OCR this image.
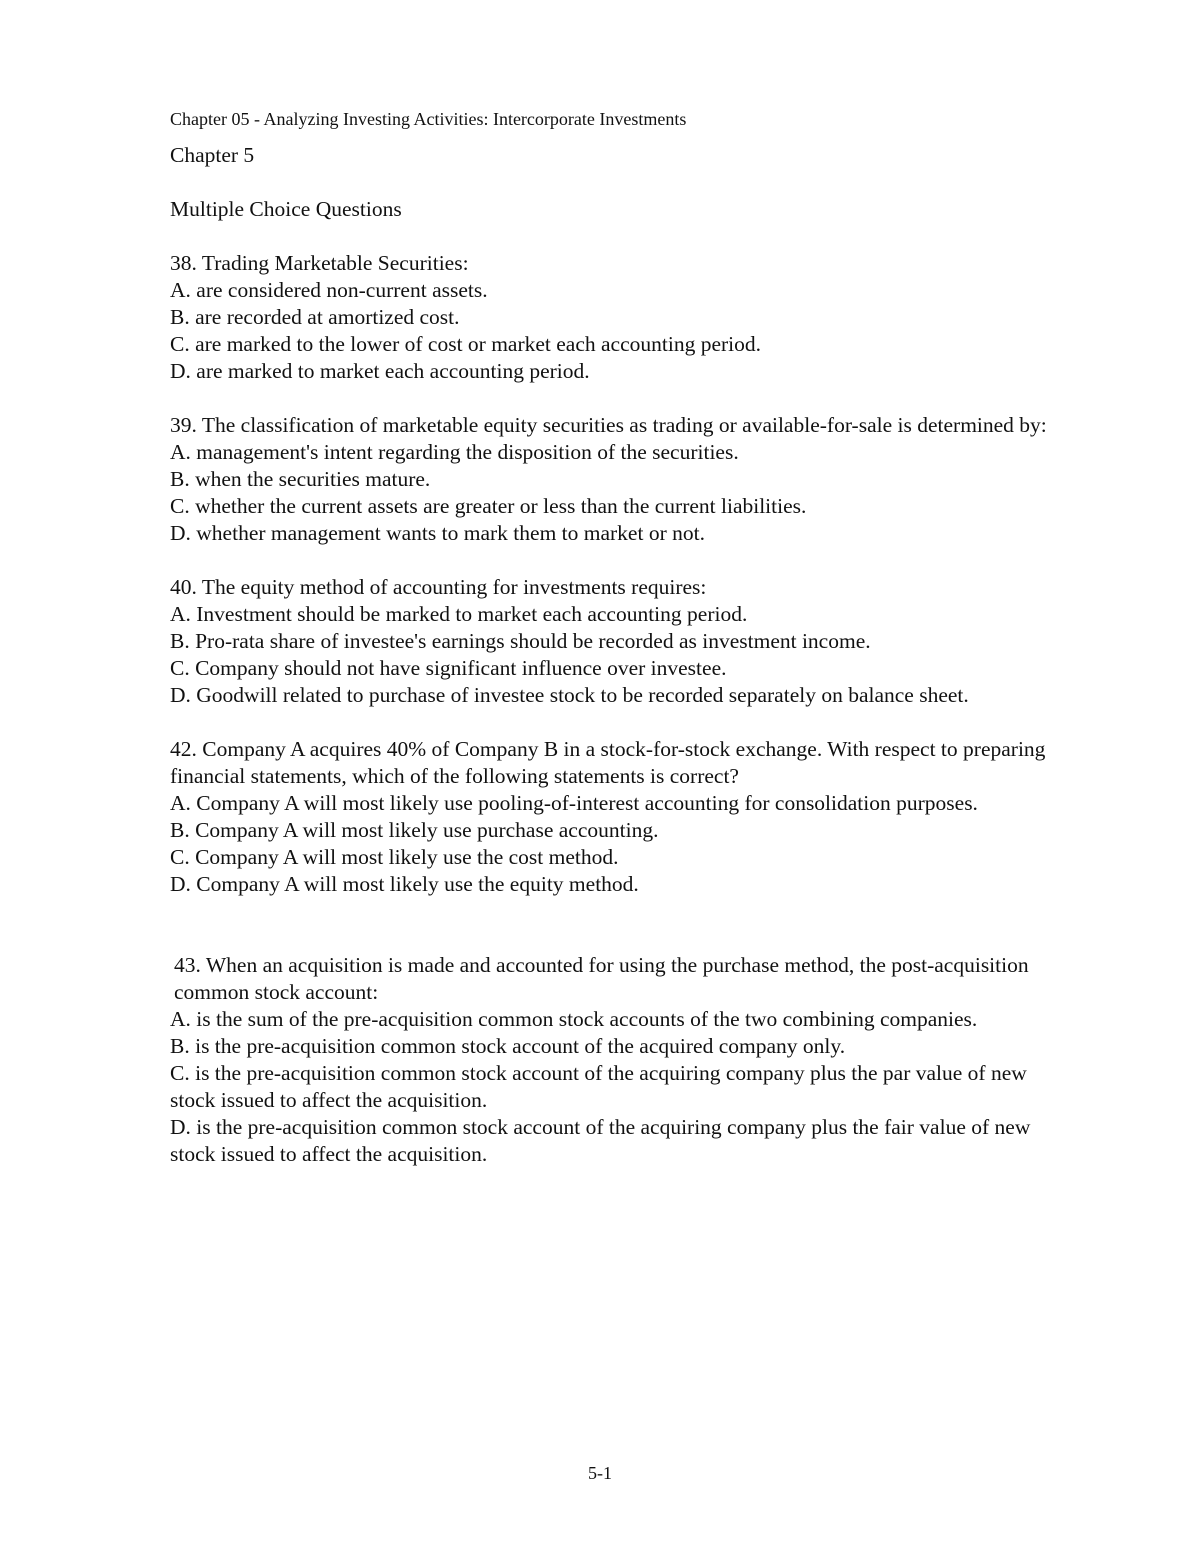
Chapter 05 - Analyzing Investing Activities: Intercorporate Investments
Chapter 5
Multiple Choice Questions

38. Trading Marketable Securities:

A. are considered non-current assets.

B. are recorded at amortized cost.

C. are marked to the lower of cost or market each accounting period.

D. are marked to market each accounting period.

39. The classification of marketable equity securities as trading or available-for-sale is determined by:

A. management's intent regarding the disposition of the securities.

B. when the securities mature.

C. whether the current assets are greater or less than the current liabilities.

D. whether management wants to mark them to market or not.

40. The equity method of accounting for investments requires:

A. Investment should be marked to market each accounting period.

B. Pro-rata share of investee's earnings should be recorded as investment income.

C. Company should not have significant influence over investee.

D. Goodwill related to purchase of investee stock to be recorded separately on balance sheet.

42. Company A acquires 40% of Company B in a stock-for-stock exchange. With respect to preparing financial statements, which of the following statements is correct?

A. Company A will most likely use pooling-of-interest accounting for consolidation purposes.

B. Company A will most likely use purchase accounting.

C. Company A will most likely use the cost method.

D. Company A will most likely use the equity method.

43. When an acquisition is made and accounted for using the purchase method, the post-acquisition common stock account:

A. is the sum of the pre-acquisition common stock accounts of the two combining companies.

B. is the pre-acquisition common stock account of the acquired company only.

C. is the pre-acquisition common stock account of the acquiring company plus the par value of new stock issued to affect the acquisition.

D. is the pre-acquisition common stock account of the acquiring company plus the fair value of new stock issued to affect the acquisition.

5-1
